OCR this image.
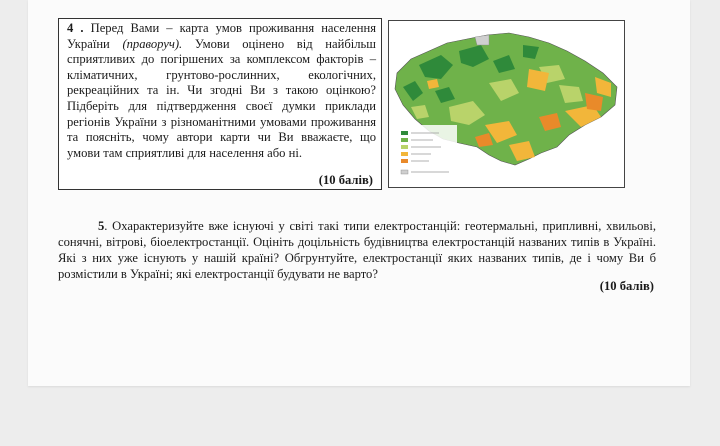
4 . Перед Вами – карта умов проживання населення України (праворуч). Умови оцінено від найбільш сприятливих до погіршених за комплексом факторів – кліматичних, грунтово-рослинних, екологічних, рекреаційних та ін. Чи згодні Ви з такою оцінкою? Підберіть для підтвердження своєї думки приклади регіонів України з різноманітними умовами проживання та поясніть, чому автори карти чи Ви вважаєте, що умови там сприятливі для населення або ні.
(10 балів)
5. Охарактеризуйте вже існуючі у світі такі типи електростанцій: геотермальні, припливні, хвильові, сонячні, вітрові, біоелектростанції. Оцініть доцільність будівництва електростанцій названих типів в Україні. Які з них уже існують у нашій країні? Обгрунтуйте, електростанції яких названих типів, де і чому Ви б розмістили в Україні; які електростанції будувати не варто?
(10 балів)
